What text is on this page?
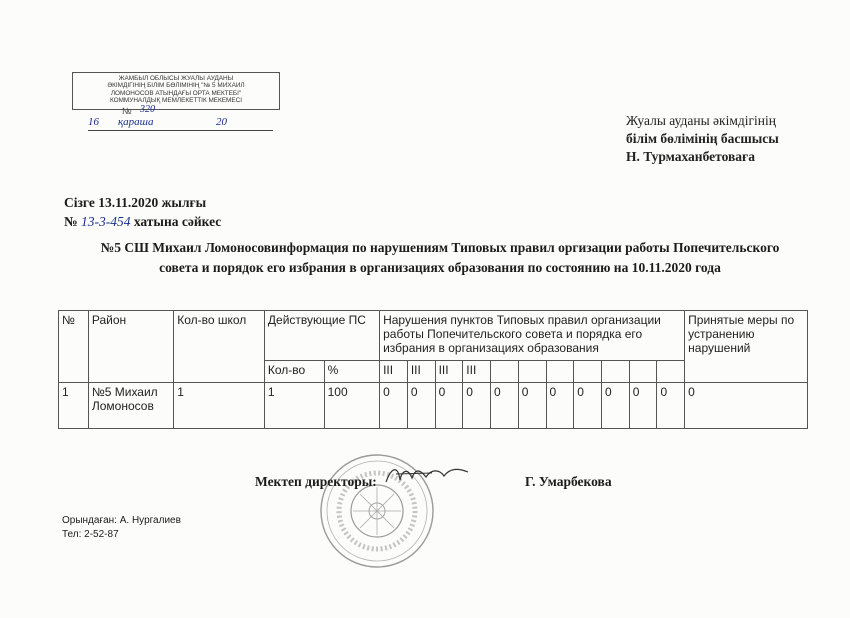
ЖАМБЫЛ ОБЛЫСЫ ЖУАЛЫ АУДАНЫ
ӘКІМДІГІНІҢ БІЛІМ БӨЛІМІНІҢ "№ 5 МИХАИЛ
ЛОМОНОСОВ АТЫНДАҒЫ ОРТА МЕКТЕБІ"
КОММУНАЛДЫҚ МЕМЛЕКЕТТІК МЕКЕМЕСІ
№ 320
16 қараша	20	Жуалы ауданы әкімдігінің
білім бөлімінің басшысы
Н. Турмаханбетоваға
Сізге 13.11.2020 жылғы
№ 13-3-454 хатына сәйкес
№5 СШ Михаил Ломоносовинформация по нарушениям Типовых правил оргизации работы Попечительского
совета и порядок его избрания в организациях образования по состоянию на 10.11.2020 года
№	Район	Кол-во школ	Действующие ПС		Нарушения пунктов Типовых правил организации работы Попечительского совета и порядка его избрания в организациях образования											Принятые меры по устранению нарушений
			Кол-во	%	ІІІ	ІІІ	ІІІ	ІІІ								
1	№5 Михаил Ломоносов	1	1	100	0	0	0	0	0	0	0	0	0	0	0	0
Мектеп директоры:	Г. Умарбекова
Орындаған: А. Нургалиев
Тел: 2-52-87
